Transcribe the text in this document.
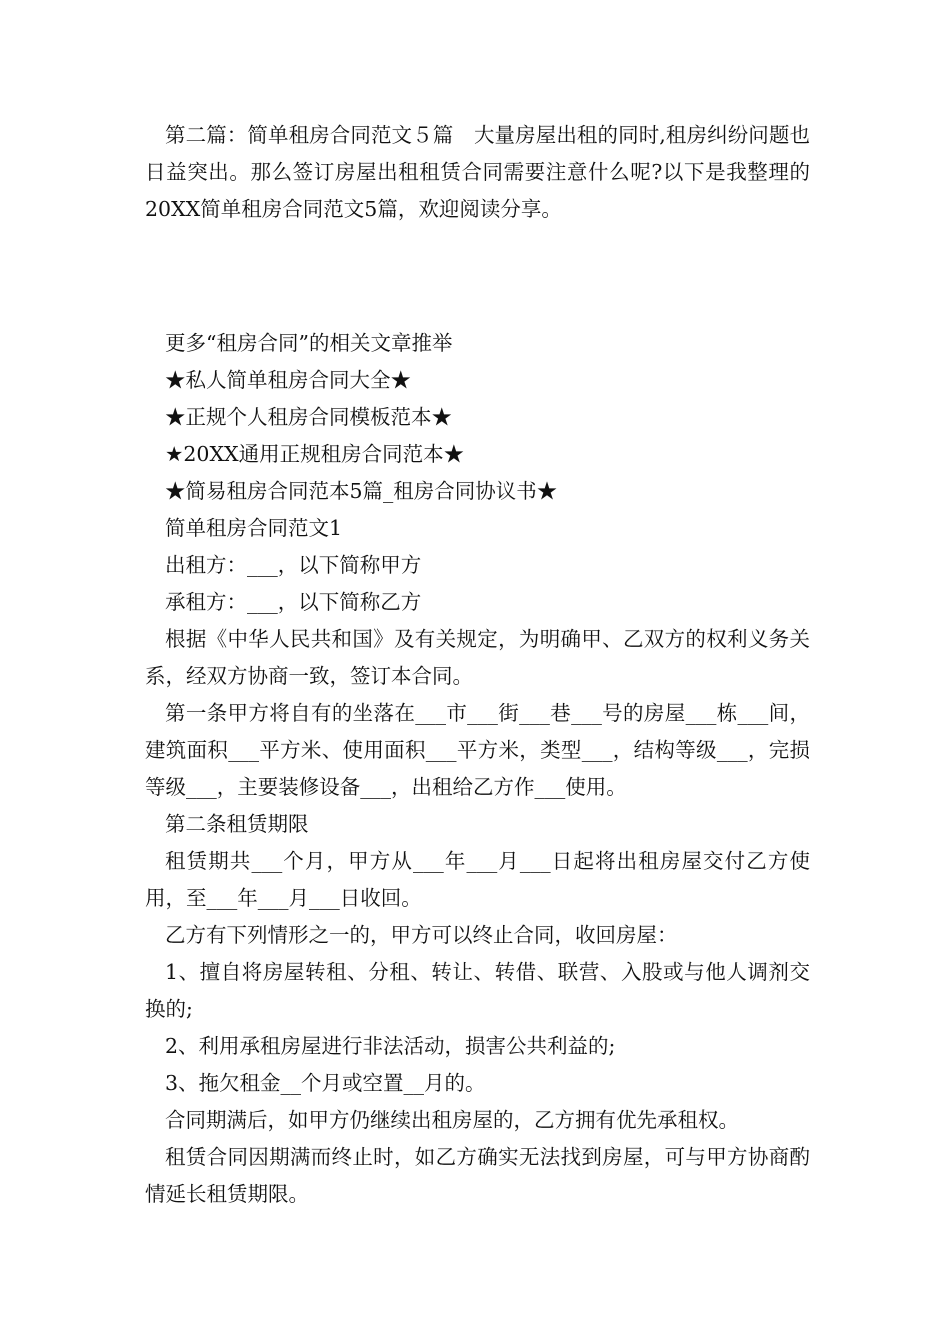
第二篇：简单租房合同范文５篇　大量房屋出租的同时,租房纠纷问题也日益突出。那么签订房屋出租租赁合同需要注意什么呢?以下是我整理的20XX简单租房合同范文5篇，欢迎阅读分享。

更多“租房合同”的相关文章推举

★私人简单租房合同大全★

★正规个人租房合同模板范本★

★20XX通用正规租房合同范本★

★简易租房合同范本5篇_租房合同协议书★

简单租房合同范文1

出租方：___，以下简称甲方

承租方：___，以下简称乙方

根据《中华人民共和国》及有关规定，为明确甲、乙双方的权利义务关系，经双方协商一致，签订本合同。

第一条甲方将自有的坐落在___市___街___巷___号的房屋___栋___间，建筑面积___平方米、使用面积___平方米，类型___，结构等级___，完损等级___，主要装修设备___，出租给乙方作___使用。

第二条租赁期限

租赁期共___个月，甲方从___年___月___日起将出租房屋交付乙方使用，至___年___月___日收回。

乙方有下列情形之一的，甲方可以终止合同，收回房屋：

1、擅自将房屋转租、分租、转让、转借、联营、入股或与他人调剂交换的;

2、利用承租房屋进行非法活动，损害公共利益的;

3、拖欠租金__个月或空置__月的。

合同期满后，如甲方仍继续出租房屋的，乙方拥有优先承租权。

租赁合同因期满而终止时，如乙方确实无法找到房屋，可与甲方协商酌情延长租赁期限。
